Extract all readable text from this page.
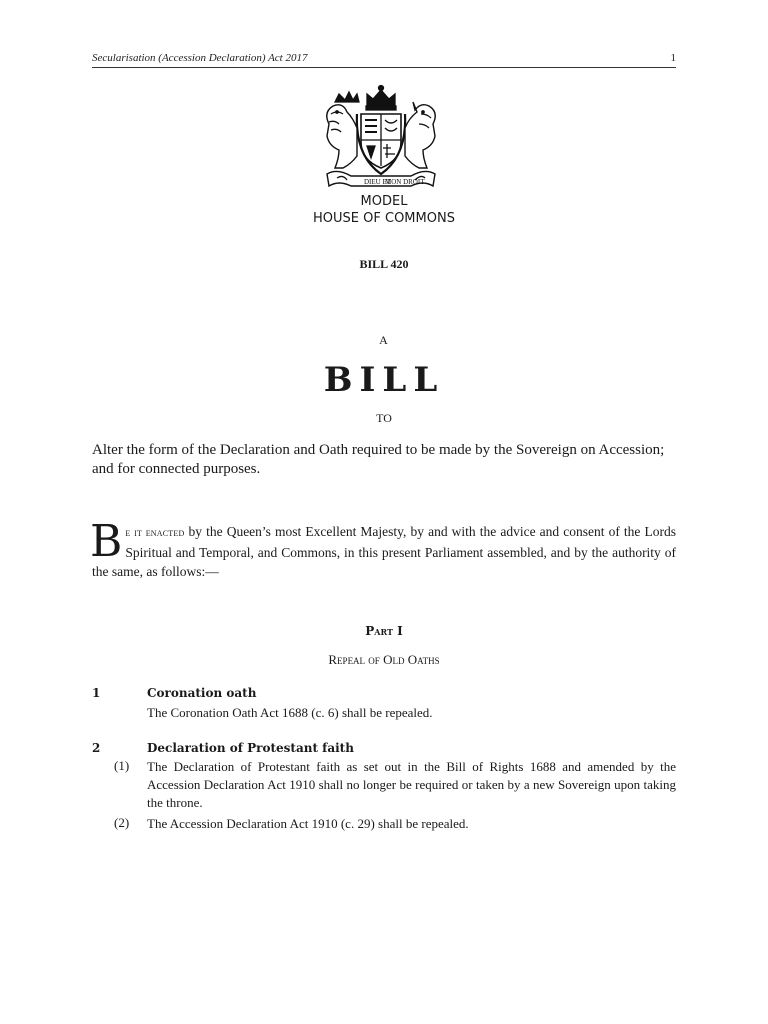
Secularisation (Accession Declaration) Act 2017	1
DIEU ET
MON DROIT
MODEL
HOUSE OF COMMONS
BILL 420
A
BILL
TO
Alter the form of the Declaration and Oath required to be made by the Sovereign on Accession; and for connected purposes.
B e it enacted by the Queen’s most Excellent Majesty, by and with the advice and consent of the Lords Spiritual and Temporal, and Commons, in this present Parliament assembled, and by the authority of the same, as follows:—
Part I
Repeal of Old Oaths
1	Coronation oath
The Coronation Oath Act 1688 (c. 6) shall be repealed.
2	Declaration of Protestant faith
(1) The Declaration of Protestant faith as set out in the Bill of Rights 1688 and amended by the Accession Declaration Act 1910 shall no longer be required or taken by a new Sovereign upon taking the throne.
(2) The Accession Declaration Act 1910 (c. 29) shall be repealed.
